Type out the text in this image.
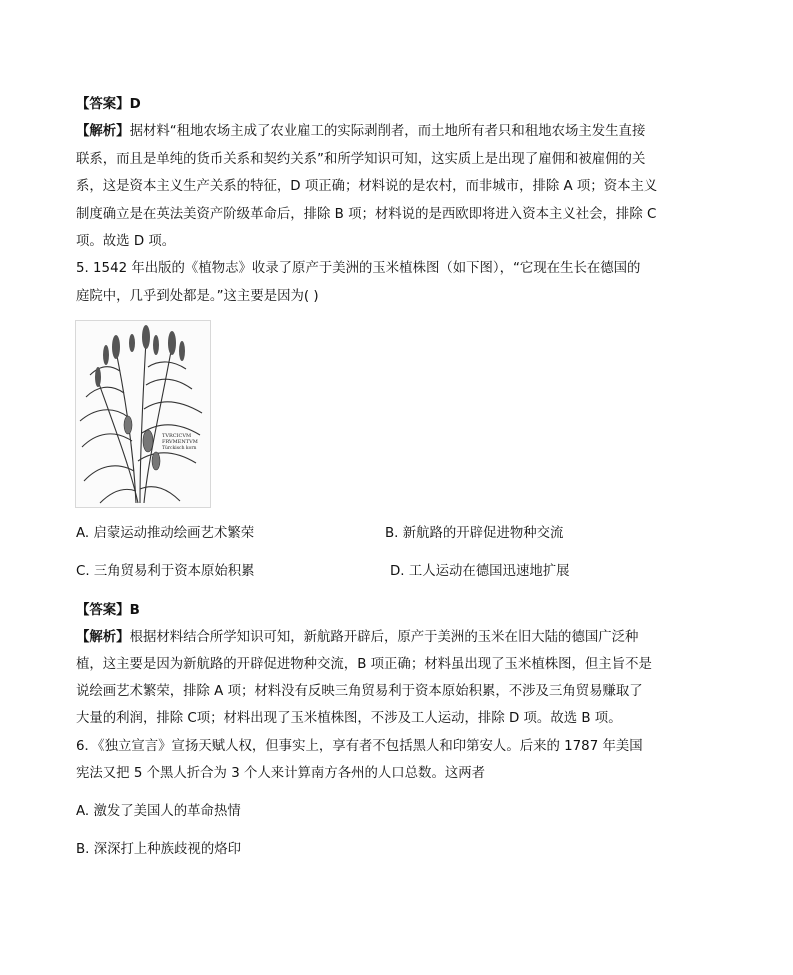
【答案】D
【解析】据材料“租地农场主成了农业雇工的实际剥削者，而土地所有者只和租地农场主发生直接
联系，而且是单纯的货币关系和契约关系”和所学知识可知，这实质上是出现了雇佣和被雇佣的关
系，这是资本主义生产关系的特征，D 项正确；材料说的是农村，而非城市，排除 A 项；资本主义
制度确立是在英法美资产阶级革命后，排除 B 项；材料说的是西欧即将进入资本主义社会，排除 C
项。故选 D 项。
5. 1542 年出版的《植物志》收录了原产于美洲的玉米植株图（如下图），“它现在生长在德国的
庭院中，几乎到处都是。”这主要是因为( )
TVRCICVM
FRVMENTVM
Türckisch korn
A. 启蒙运动推动绘画艺术繁荣	B. 新航路的开辟促进物种交流
C. 三角贸易利于资本原始积累	D. 工人运动在德国迅速地扩展
【答案】B
【解析】根据材料结合所学知识可知，新航路开辟后，原产于美洲的玉米在旧大陆的德国广泛种
植，这主要是因为新航路的开辟促进物种交流，B 项正确；材料虽出现了玉米植株图，但主旨不是
说绘画艺术繁荣，排除 A 项；材料没有反映三角贸易利于资本原始积累，不涉及三角贸易赚取了
大量的利润，排除 C项；材料出现了玉米植株图，不涉及工人运动，排除 D 项。故选 B 项。
6．《独立宣言》宣扬天赋人权，但事实上，享有者不包括黑人和印第安人。后来的 1787 年美国
宪法又把 5 个黑人折合为 3 个人来计算南方各州的人口总数。这两者
A. 激发了美国人的革命热情
B. 深深打上种族歧视的烙印
